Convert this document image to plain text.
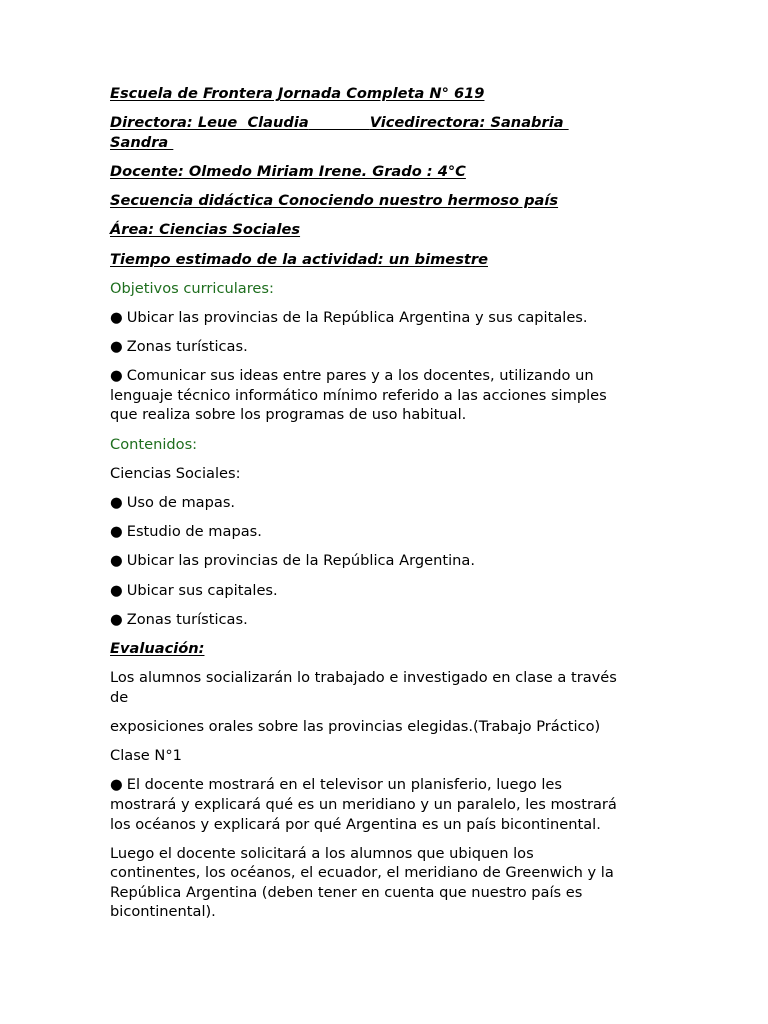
Escuela de Frontera Jornada Completa N° 619
Directora: Leue  Claudia	Vicedirectora: Sanabria
Sandra
Docente: Olmedo Miriam Irene. Grado : 4°C
Secuencia didáctica Conociendo nuestro hermoso país
Área: Ciencias Sociales
Tiempo estimado de la actividad: un bimestre
Objetivos curriculares:
● Ubicar las provincias de la República Argentina y sus capitales.
● Zonas turísticas.
● Comunicar sus ideas entre pares y a los docentes, utilizando un
lenguaje técnico informático mínimo referido a las acciones simples
que realiza sobre los programas de uso habitual.
Contenidos:
Ciencias Sociales:
● Uso de mapas.
● Estudio de mapas.
● Ubicar las provincias de la República Argentina.
● Ubicar sus capitales.
● Zonas turísticas.
Evaluación:
Los alumnos socializarán lo trabajado e investigado en clase a través
de
exposiciones orales sobre las provincias elegidas.(Trabajo Práctico)
Clase N°1
● El docente mostrará en el televisor un planisferio, luego les
mostrará y explicará qué es un meridiano y un paralelo, les mostrará
los océanos y explicará por qué Argentina es un país bicontinental.
Luego el docente solicitará a los alumnos que ubiquen los
continentes, los océanos, el ecuador, el meridiano de Greenwich y la
República Argentina (deben tener en cuenta que nuestro país es
bicontinental).
